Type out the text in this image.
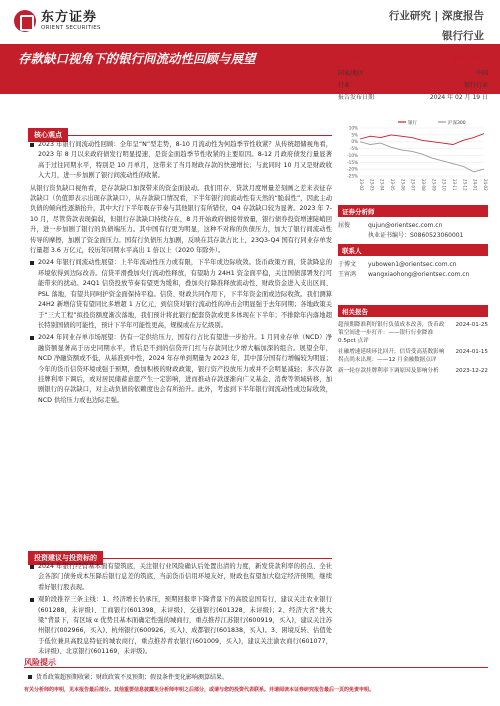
东方证券
ORIENT SECURITIES
行业研究 | 深度报告
银行行业
存款缺口视角下的银行间流动性回顾与展望
核心观点
2023 年银行间流动性回顾：全年呈“N”型走势，8-10 月流动性为何趋季节性收紧？从传统超储视角看，2023 年 8 月以来政府债发行明显提速，是资金面趋季节性收紧的主要原因。8-12 月政府债发行量显著高于过往同期水平，特别是 10 月单月，这带来了当月财政存款的快速增长；与此同时 10 月又是财政收入大月，进一步加剧了银行间流动性的收紧。
从银行资负缺口视角看，是存款缺口加深带来的资金面波动。我们用存、贷款月度增量差刻画之差来表征存款缺口（负值即表示出现存款缺口），从存款缺口情况看，下半年银行间流动性有天然的“脆弱性”，因此主动负债的倾向性逐渐抬升，其中大行下半年吸存节奏与其他银行有所错位，Q4 存款缺口较为显著。2023 年 7-10 月，尽管贷款表现偏弱，但银行存款缺口持续存在，8 月开始政府债接替放量，银行债券投资增速陡峭回升，进一步加剧了银行的负债端压力。其中国有行更为明显，这种不对称的负债压力，加大了银行间流动性传导的摩擦，加剧了资金面压力。国有行负债压力加剧，反映在其存款占比上，23Q3-Q4 国有行同业存单发行量超 3.6 万亿元，较历年同期水平高出 1 倍以上（2020 年除外）。
2024 年银行间流动性展望：上半年流动性压力或有限，下半年或边际收敛。货币政策方面，贷款降息的环境依得到边际改善。信贷平滑叠加央行流动性释放，有望助力 24H1 资金面平稳，关注国债部署发行可能带来的扰动。24Q1 信贷投放节奏有望更为缓和，叠加央行降准释放流动性、财政资金进入支出区间、PSL 落地，有望共同呵护资金面保持平稳。信贷、财政共同作用下，下半年资金面或边际收敛。我们测算 24H2 新增信贷有望同比多增超 1 万亿元，到信贷对银行流动性的冲击会明显强于去年同期；各地政策关于“三大工程”拟投资额度渐次落地，我们预计将此银行配套贷款或更多体现在下半年；不排除年内落地超长特别国债的可能性，预计下半年可能性更高，规模或在万亿级别。
2024 年同业存单市场展望：仍有一定供给压力，国有行占比有望进一步抬升。1 月同业存单（NCD）净融资额显著高于历史同期水平，背后是不到的信贷开门红与存款同比少增大幅加深的组合。展望全年，NCD 净融资额或不低，从基准到中性，2024 年存单到期量为 2023 年，其中部分国有行增幅较为明显；今年的货币信贷环境或强于预期，叠加积极的财政政策，银行资产投放压力或并不会明显减轻；多次存款挂牌利率下调后，或对居民储蓄意愿产生一定影响，进而推动存款逐渐向广义基金、消费等领域转移，加剧银行的存款缺口，对主动负债的依赖度也会有所抬升。此外，考虑到下半年银行间流动性或边际收敛，NCD 供给压力或也边际走强。
投资建议与投资标的
2024 年银行经营基本面有望筑底，关注银行业风险确认后处置出清的力度，新发贷款利率的拐点、全社会各部门债务成本压降后银行息差的筑底，当前货币信用环境友好，财政也有望加大稳定经济预期，继续看好银行股表现。
观阶段推荐三条主线：1、经济增长仍承压，预期回报率下降背景下的高股息国有行，建议关注农业银行(601288，未评级)、工商银行(601398，未评级)、交通银行(601328，未评级)；2、经济大省“挑大梁”背景下，有区域 α 优势且基本面确定性强的城商行，重点推荐江苏银行(600919，买入)，建议关注苏州银行(002966，买入)、杭州银行(600926，买入)、成都银行(601838，买入)。3、困境反转、估值处于低位兼具高股息特征的城农商行，重点推荐青农银行(601009，买入)，建议关注渝农商行(601077，未评级)、北京银行(601169，未评级)。
行业评级	看好（维持）
国家/地区	中国
行业	银行行业
报告发布日期	2024 年 02 月 19 日
银行	沪深300
10%
5%
0%
-5%
-10%
-15%
-20%
-25%
23-02 23-03 23-04 23-05 23-06 23-07 23-08 23-09 23-10 23-11 23-12 24-01 24-02
证券分析师
屈俊	qujun@orientsec.com.cn
执业证书编号：S0860523060001
联系人
于博文	yubowen1@orientsec.com.cn
王宵鸿	wangxiaohong@orientsec.com.cn
相关报告
超预期降准利好银行负债成本改善，货币政策空间进一步打开：——银行行业降准 0.5pct 点评
2024-01-25
社融增速延续环比回升，信贷受高基数影响拐点尚未出现：——12 月金融数据点评
2024-01-15
新一轮存款挂牌利率下调原因及影响分析	2023-12-22
风险提示
货币政策超预期收紧；财政政策不及预期；假设条件变化影响测算结果。
有关分析师的申明，见本报告最后部分。其他重要信息披露见分析师申明之后部分，或请与您的投资代表联系。并请阅读本证券研究报告最后一页的免责申明。
